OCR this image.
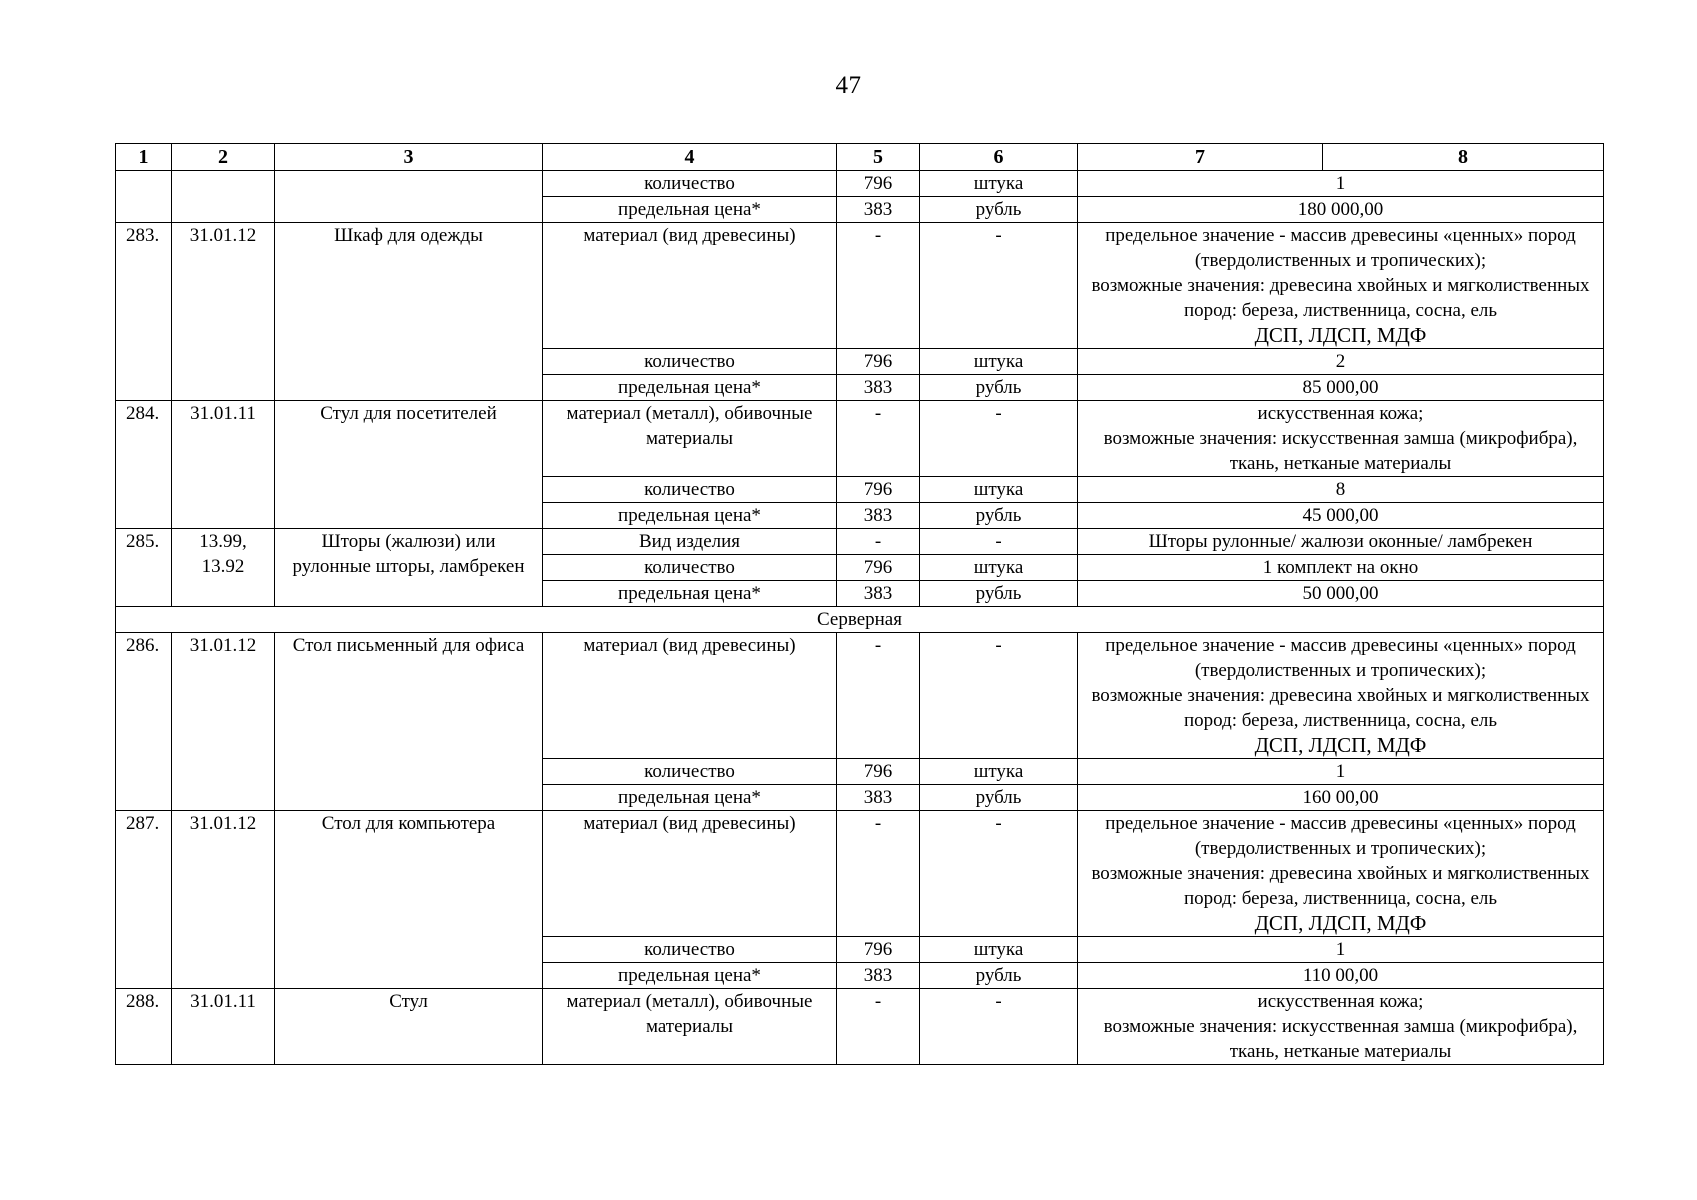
47
1	2	3	4	5	6	7	8
			количество	796	штука	1	
			предельная цена*	383	рубль	180 000,00	
283.	31.01.12	Шкаф для одежды	материал (вид древесины)	-	-	предельное значение - массив древесины «ценных» пород (твердолиственных и тропических);
возможные значения: древесина хвойных и мягколиственных пород: береза, лиственница, сосна, ель
ДСП, ЛДСП, МДФ	

			количество	796	штука	2	
			предельная цена*	383	рубль	85 000,00	
284.	31.01.11	Стул для посетителей	материал (металл), обивочные материалы	-	-	искусственная кожа;
возможные значения: искусственная замша (микрофибра), ткань, нетканые материалы	

			количество	796	штука	8	
			предельная цена*	383	рубль	45 000,00	
285.	13.99, 13.92	Шторы (жалюзи) или рулонные шторы, ламбрекен	Вид изделия	-	-	Шторы рулонные/ жалюзи оконные/ ламбрекен	
			количество	796	штука	1 комплект на окно	
			предельная цена*	383	рубль	50 000,00	
Серверная							
286.	31.01.12	Стол письменный для офиса	материал (вид древесины)	-	-	предельное значение - массив древесины «ценных» пород (твердолиственных и тропических);
возможные значения: древесина хвойных и мягколиственных пород: береза, лиственница, сосна, ель
ДСП, ЛДСП, МДФ	

			количество	796	штука	1	
			предельная цена*	383	рубль	160 00,00	
287.	31.01.12	Стол для компьютера	материал (вид древесины)	-	-	предельное значение - массив древесины «ценных» пород (твердолиственных и тропических);
возможные значения: древесина хвойных и мягколиственных пород: береза, лиственница, сосна, ель
ДСП, ЛДСП, МДФ	

			количество	796	штука	1	
			предельная цена*	383	рубль	110 00,00	
288.	31.01.11	Стул	материал (металл), обивочные материалы	-	-	искусственная кожа;
возможные значения: искусственная замша (микрофибра), ткань, нетканые материалы	
